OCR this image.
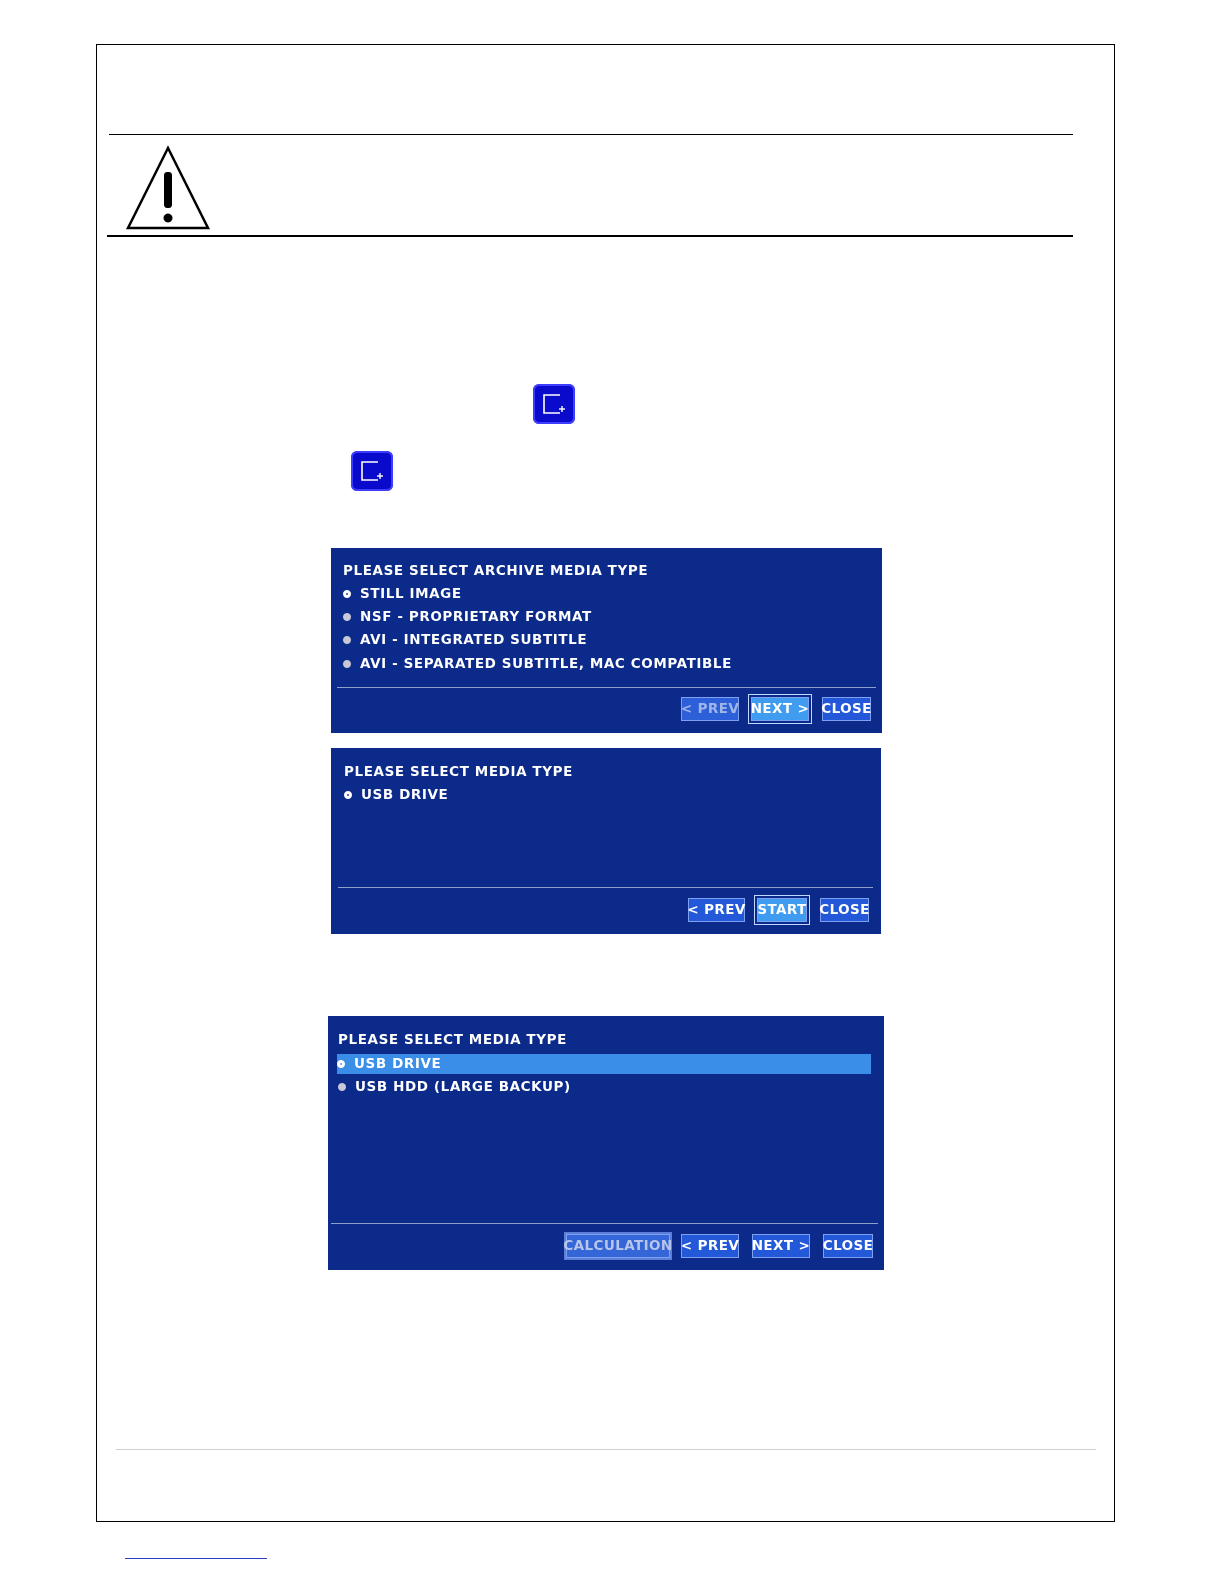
PLEASE SELECT ARCHIVE MEDIA TYPE
STILL IMAGE
NSF - PROPRIETARY FORMAT
AVI - INTEGRATED SUBTITLE
AVI - SEPARATED SUBTITLE, MAC COMPATIBLE
< PREV NEXT > CLOSE
PLEASE SELECT MEDIA TYPE
USB DRIVE
< PREV START CLOSE
PLEASE SELECT MEDIA TYPE
USB DRIVE
USB HDD (LARGE BACKUP)
CALCULATION < PREV NEXT > CLOSE
